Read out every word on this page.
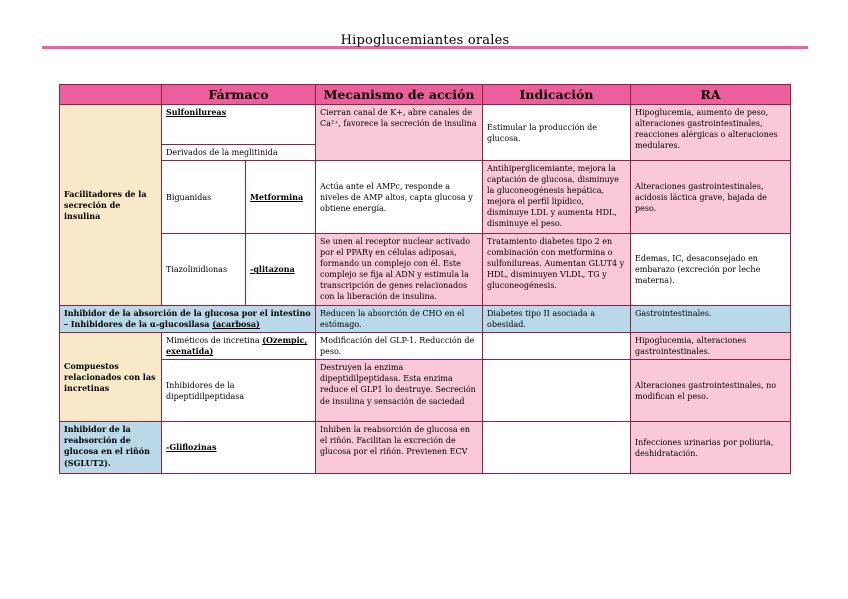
Hipoglucemiantes orales
	Fármaco		Mecanismo de acción	Indicación	RA
Facilitadores de la secreción de insulina	Sulfonilureas		Cierran canal de K+, abre canales de Ca²⁺, favorece la secreción de insulina	Estimular la producción de glucosa.	Hipoglucemia, aumento de peso, alteraciones gastrointestinales, reacciones alérgicas o alteraciones medulares.
	Derivados de la meglitinida				
	Biguanidas	Metformina	Actúa ante el AMPc, responde a niveles de AMP altos, capta glucosa y obtiene energía.	Antihiperglicemiante, mejora la captación de glucosa, disminuye la gluconeogénesis hepática, mejora el perfil lipídico, disminuye LDL y aumenta HDL, disminuye el peso.	Alteraciones gastrointestinales, acidosis láctica grave, bajada de peso.
	Tiazolinidionas	-glitazona	Se unen al receptor nuclear activado por el PPARγ en células adiposas, formando un complejo con él. Este complejo se fija al ADN y estimula la transcripción de genes relacionados con la liberación de insulina.	Tratamiento diabetes tipo 2 en combinación con metformina o sulfonilureas. Aumentan GLUT4 y HDL, disminuyen VLDL, TG y gluconeogénesis.	Edemas, IC, desaconsejado en embarazo (excreción por leche materna).
Inhibidor de la absorción de la glucosa por el intestino – Inhibidores de la α-glucosilasa (acarbosa)			Reducen la absorción de CHO en el estómago.	Diabetes tipo II asociada a obesidad.	Gastrointestinales.
Compuestos relacionados con las incretinas	Miméticos de incretina (Ozempic, exenatida)		Modificación del GLP-1. Reducción de peso.		Hipoglucemia, alteraciones gastrointestinales.
	Inhibidores de la dipeptidilpeptidasa		Destruyen la enzima dipeptidilpeptidasa. Esta enzima reduce el GLP1 lo destruye. Secreción de insulina y sensación de saciedad		Alteraciones gastrointestinales, no modifican el peso.
Inhibidor de la reabsorción de glucosa en el riñón (SGLUT2).	-Gliflozinas		Inhiben la reabsorción de glucosa en el riñón. Facilitan la excreción de glucosa por el riñón. Previenen ECV		Infecciones urinarias por poliuria, deshidratación.
